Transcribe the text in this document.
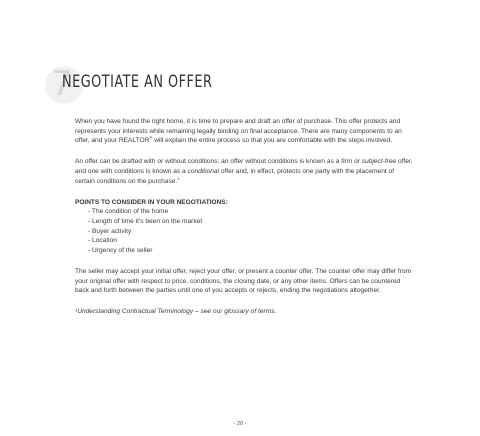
7
NEGOTIATE AN OFFER

When you have found the right home, it is time to prepare and draft an offer of purchase. This offer protects and represents your interests while remaining legally binding on final acceptance. There are many components to an offer, and your REALTOR® will explain the entire process so that you are comfortable with the steps involved.

An offer can be drafted with or without conditions; an offer without conditions is known as a firm or subject-free offer, and one with conditions is known as a conditional offer and, in effect, protects one party with the placement of certain conditions on the purchase.$^1$

POINTS TO CONSIDER IN YOUR NEGOTIATIONS:
- The condition of the home
- Length of time it's been on the market
- Buyer activity
- Location
- Urgency of the seller

The seller may accept your initial offer, reject your offer, or present a counter offer. The counter offer may differ from your original offer with respect to price, conditions, the closing date, or any other items. Offers can be countered back and forth between the parties until one of you accepts or rejects, ending the negotiations altogether.

¹Understanding Contractual Terminology – see our glossary of terms.

- 20 -
